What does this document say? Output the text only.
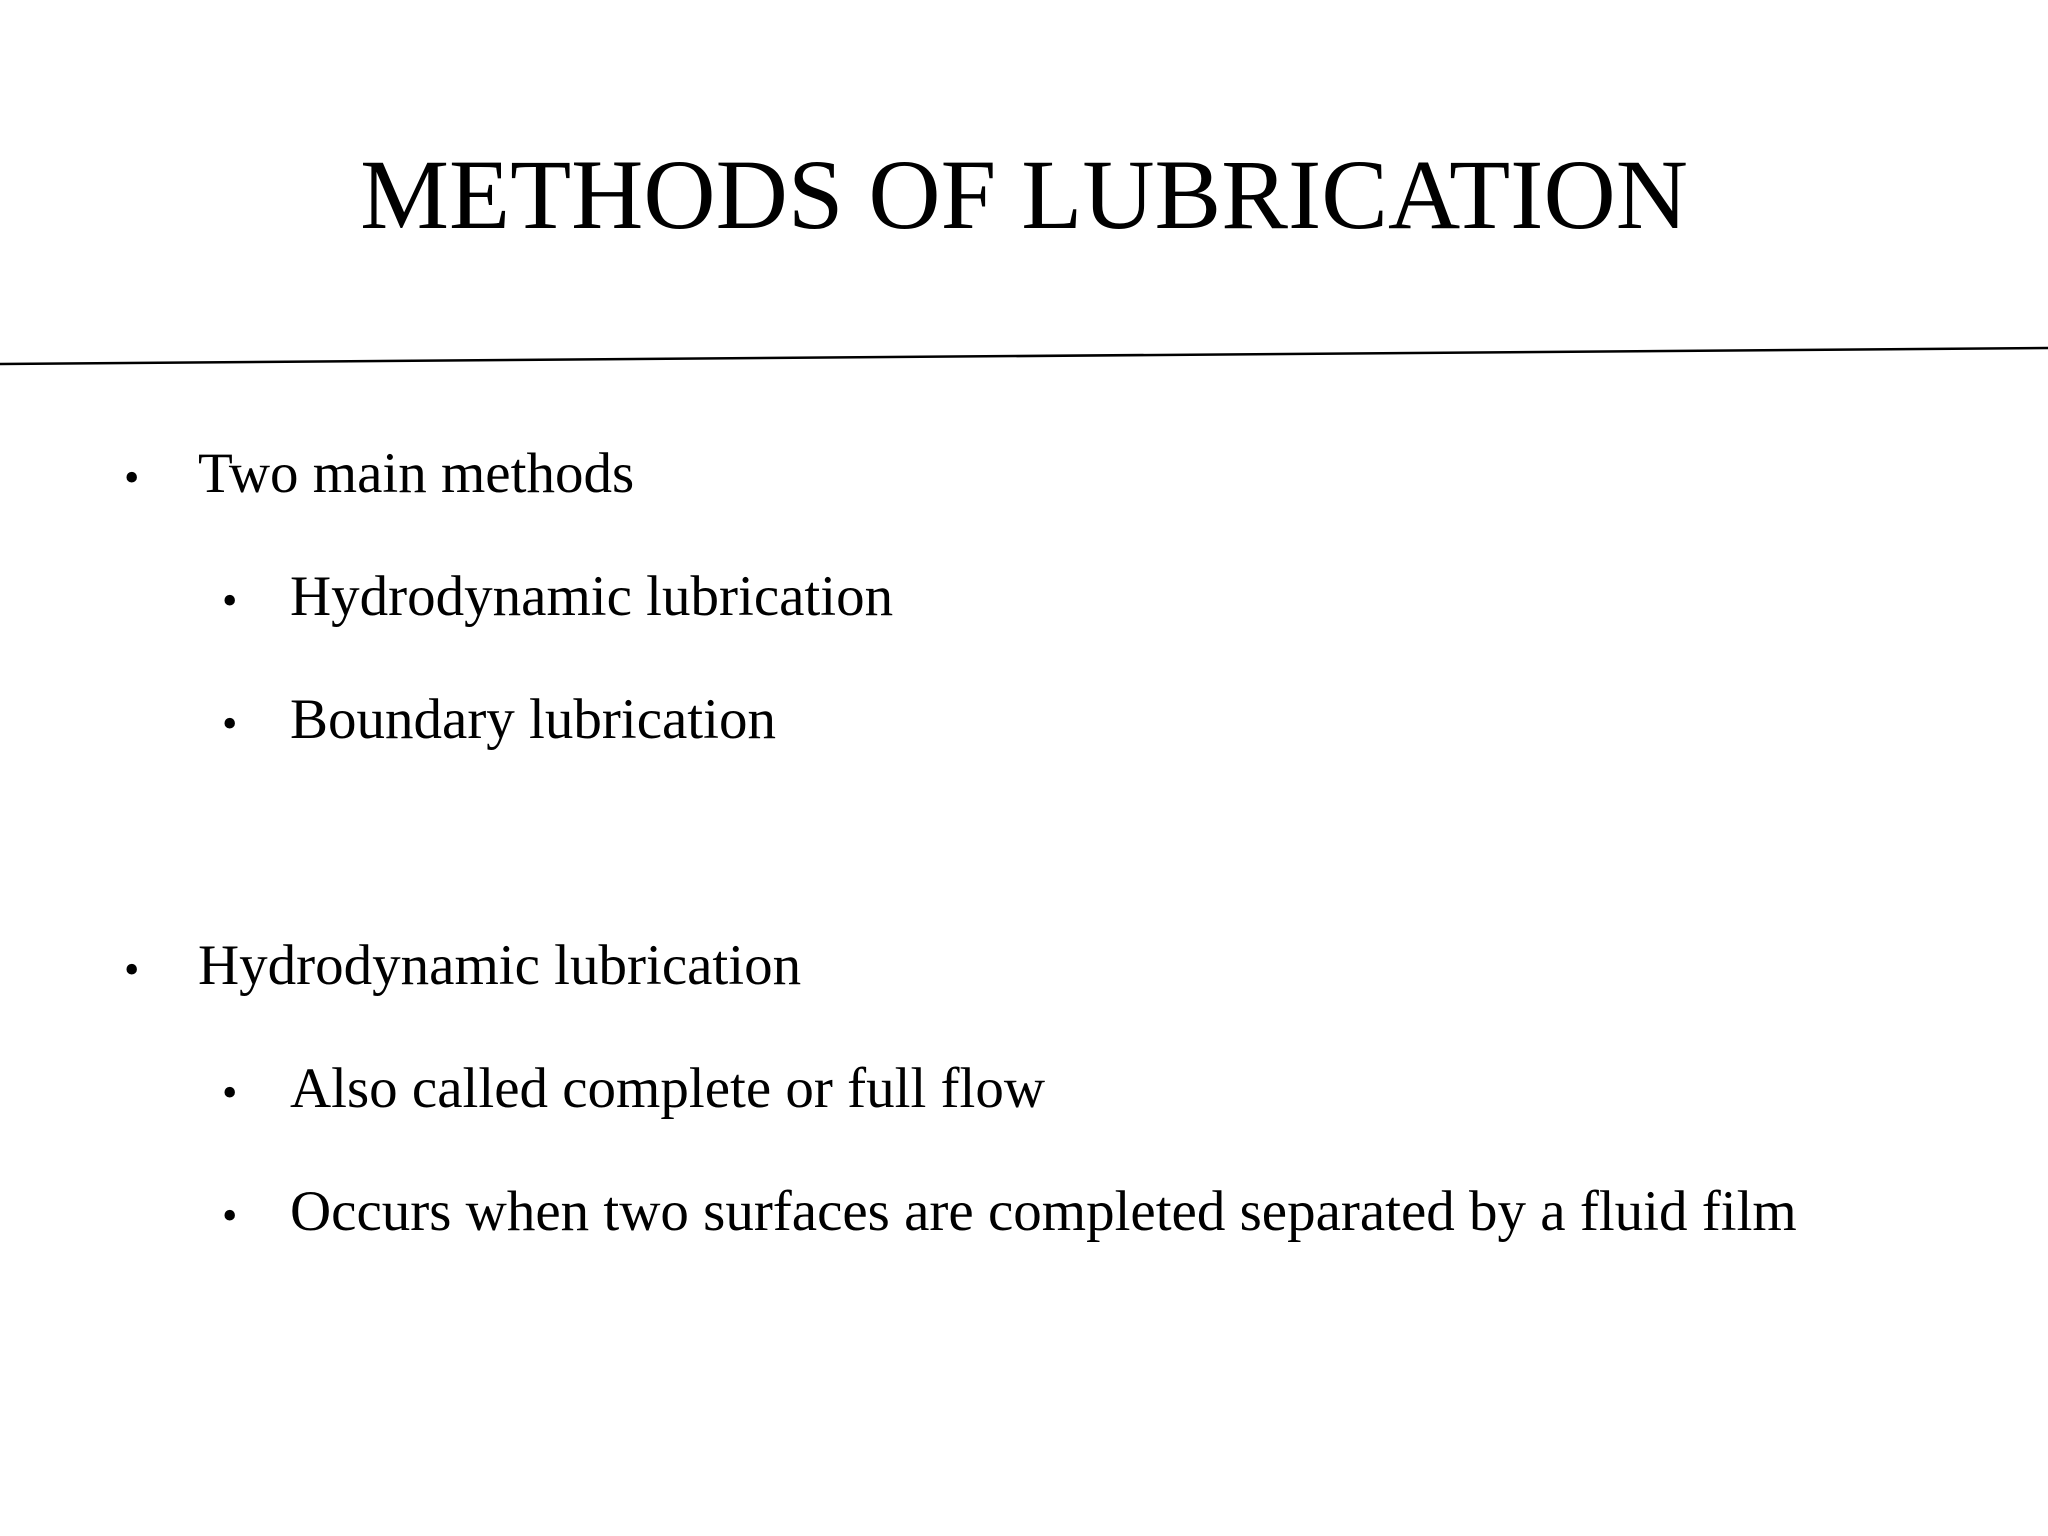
METHODS OF LUBRICATION
• Two main methods
• Hydrodynamic lubrication
• Boundary lubrication
• Hydrodynamic lubrication
• Also called complete or full flow
• Occurs when two surfaces are completed separated by a fluid film
